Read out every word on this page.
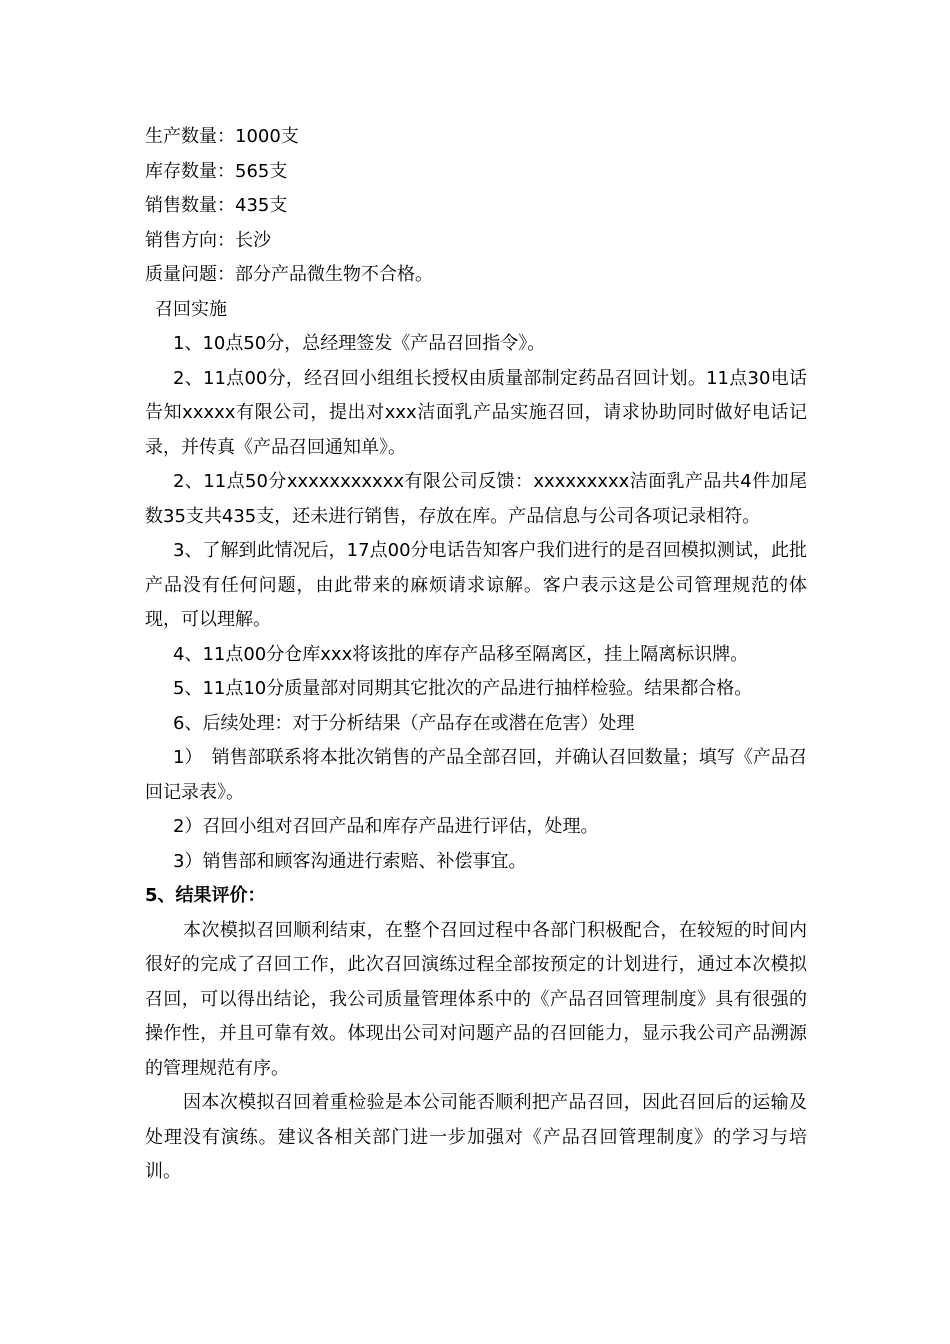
生产数量：1000支

库存数量：565支

销售数量：435支

销售方向：长沙

质量问题：部分产品微生物不合格。

召回实施

1、10点50分，总经理签发《产品召回指令》。

2、11点00分，经召回小组组长授权由质量部制定药品召回计划。11点30电话告知xxxxx有限公司，提出对xxx洁面乳产品实施召回，请求协助同时做好电话记录，并传真《产品召回通知单》。

2、11点50分xxxxxxxxxxx有限公司反馈：xxxxxxxxx洁面乳产品共4件加尾数35支共435支，还未进行销售，存放在库。产品信息与公司各项记录相符。

3、了解到此情况后，17点00分电话告知客户我们进行的是召回模拟测试，此批产品没有任何问题，由此带来的麻烦请求谅解。客户表示这是公司管理规范的体现，可以理解。

4、11点00分仓库xxx将该批的库存产品移至隔离区，挂上隔离标识牌。

5、11点10分质量部对同期其它批次的产品进行抽样检验。结果都合格。

6、后续处理：对于分析结果（产品存在或潜在危害）处理

1）　销售部联系将本批次销售的产品全部召回，并确认召回数量；填写《产品召回记录表》。

2）召回小组对召回产品和库存产品进行评估，处理。

3）销售部和顾客沟通进行索赔、补偿事宜。

5、结果评价：

本次模拟召回顺利结束，在整个召回过程中各部门积极配合，在较短的时间内很好的完成了召回工作，此次召回演练过程全部按预定的计划进行，通过本次模拟召回，可以得出结论，我公司质量管理体系中的《产品召回管理制度》具有很强的操作性，并且可靠有效。体现出公司对问题产品的召回能力，显示我公司产品溯源的管理规范有序。

因本次模拟召回着重检验是本公司能否顺利把产品召回，因此召回后的运输及处理没有演练。建议各相关部门进一步加强对《产品召回管理制度》的学习与培训。
